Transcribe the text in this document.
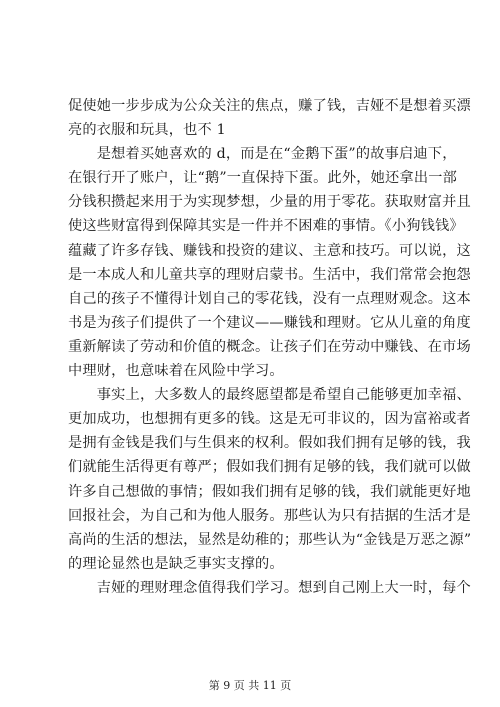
促使她一步步成为公众关注的焦点，赚了钱，吉娅不是想着买漂
亮的衣服和玩具，也不 1
　　是想着买她喜欢的 d，而是在“金鹅下蛋”的故事启迪下，
在银行开了账户，让“鹅”一直保持下蛋。此外，她还拿出一部
分钱积攒起来用于为实现梦想，少量的用于零花。获取财富并且
使这些财富得到保障其实是一件并不困难的事情。《小狗钱钱》
蕴藏了许多存钱、赚钱和投资的建议、主意和技巧。可以说，这
是一本成人和儿童共享的理财启蒙书。生活中，我们常常会抱怨
自己的孩子不懂得计划自己的零花钱，没有一点理财观念。这本
书是为孩子们提供了一个建议——赚钱和理财。它从儿童的角度
重新解读了劳动和价值的概念。让孩子们在劳动中赚钱、在市场
中理财，也意味着在风险中学习。
　　事实上，大多数人的最终愿望都是希望自己能够更加幸福、
更加成功，也想拥有更多的钱。这是无可非议的，因为富裕或者
是拥有金钱是我们与生俱来的权利。假如我们拥有足够的钱，我
们就能生活得更有尊严；假如我们拥有足够的钱，我们就可以做
许多自己想做的事情；假如我们拥有足够的钱，我们就能更好地
回报社会，为自己和为他人服务。那些认为只有拮据的生活才是
高尚的生活的想法，显然是幼稚的；那些认为“金钱是万恶之源”
的理论显然也是缺乏事实支撑的。
　　吉娅的理财理念值得我们学习。想到自己刚上大一时，每个
第 9 页 共 11 页
